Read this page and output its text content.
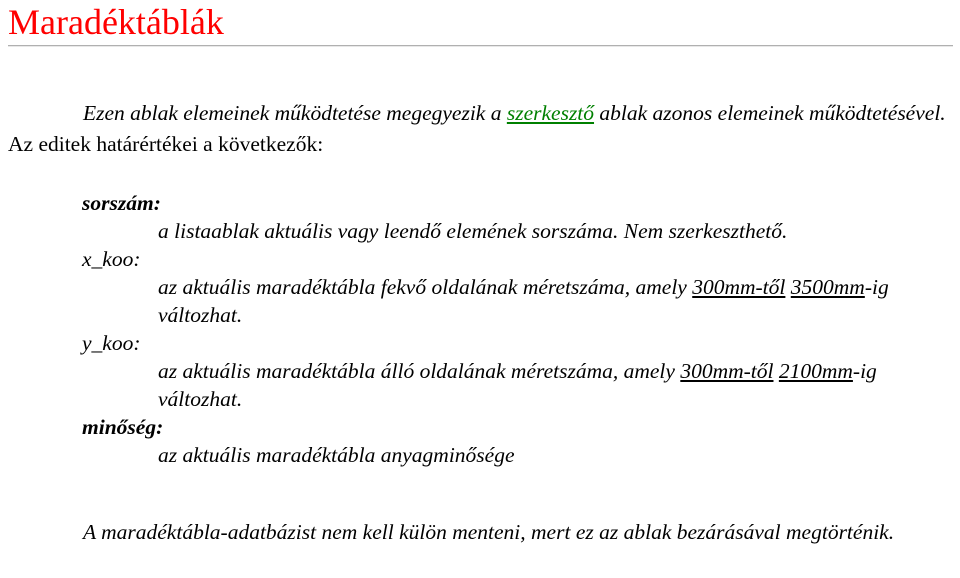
Maradéktáblák

Ezen ablak elemeinek működtetése megegyezik a szerkesztő ablak azonos elemeinek működtetésével. Az editek határértékei a következők:

sorszám:

a listaablak aktuális vagy leendő elemének sorszáma. Nem szerkeszthető.

x_koo:

az aktuális maradéktábla fekvő oldalának méretszáma, amely 300mm-től 3500mm-ig változhat.

y_koo:

az aktuális maradéktábla álló oldalának méretszáma, amely 300mm-től 2100mm-ig változhat.

minőség:

az aktuális maradéktábla anyagminősége

A maradéktábla-adatbázist nem kell külön menteni, mert ez az ablak bezárásával megtörténik.
